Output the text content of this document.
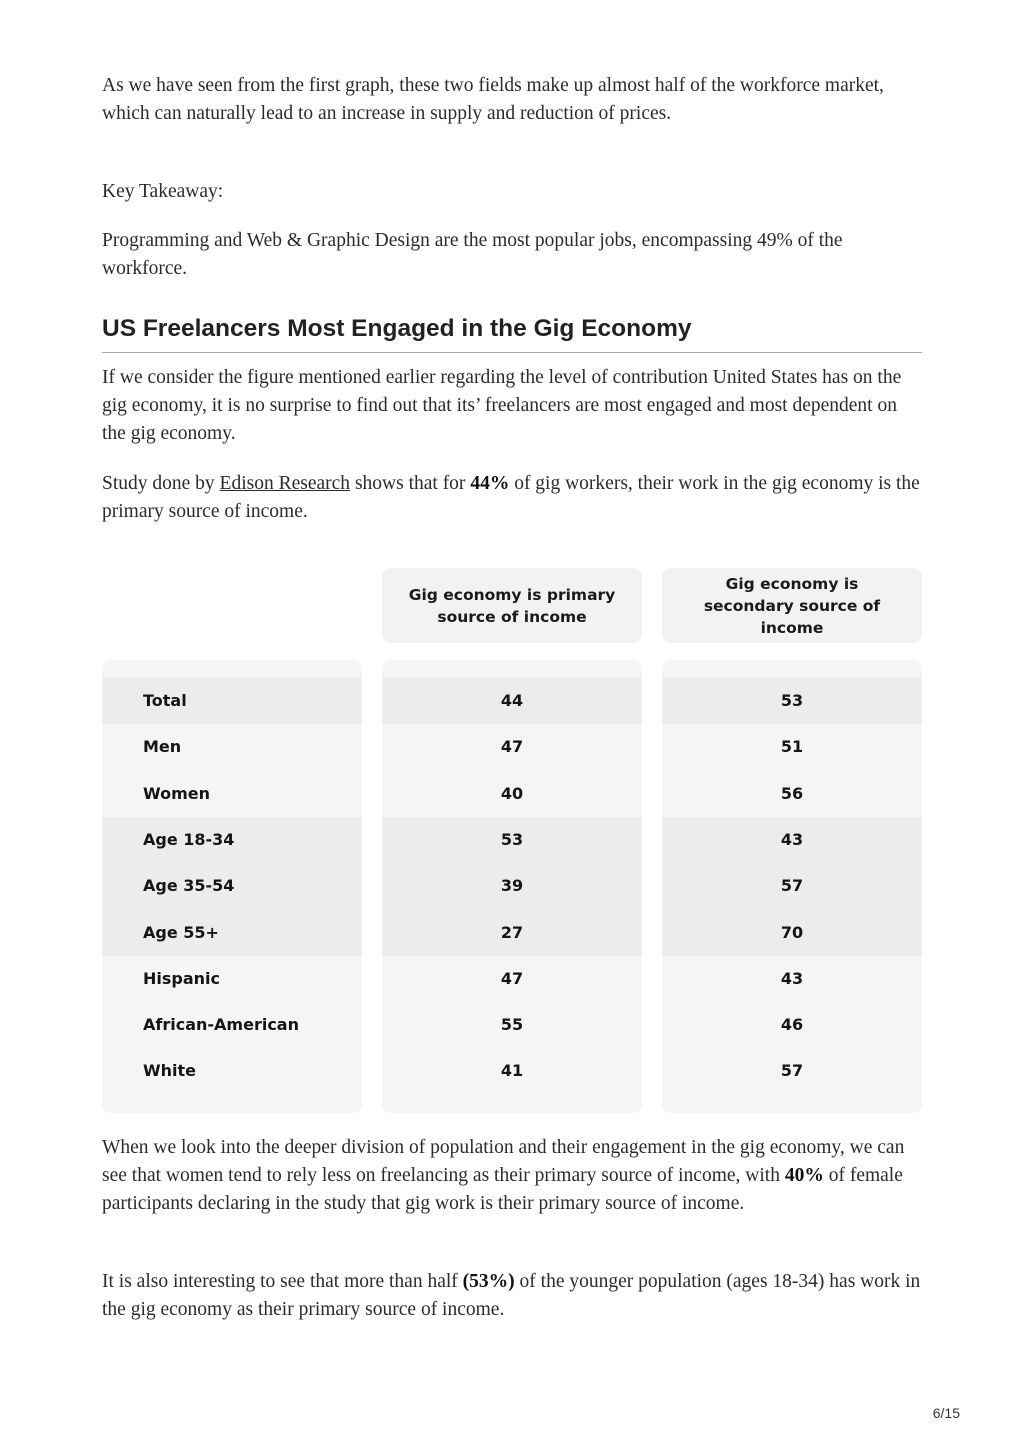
As we have seen from the first graph, these two fields make up almost half of the workforce market, which can naturally lead to an increase in supply and reduction of prices.

Key Takeaway:

Programming and Web & Graphic Design are the most popular jobs, encompassing 49% of the workforce.

US Freelancers Most Engaged in the Gig Economy

If we consider the figure mentioned earlier regarding the level of contribution United States has on the gig economy, it is no surprise to find out that its’ freelancers are most engaged and most dependent on the gig economy.

Study done by Edison Research shows that for 44% of gig workers, their work in the gig economy is the primary source of income.

When we look into the deeper division of population and their engagement in the gig economy, we can see that women tend to rely less on freelancing as their primary source of income, with 40% of female participants declaring in the study that gig work is their primary source of income.

It is also interesting to see that more than half (53%) of the younger population (ages 18-34) has work in the gig economy as their primary source of income.

Gig economy is primary source of income
Gig economy is secondary source of income
Total
Men
Women
Age 18-34
Age 35-54
Age 55+
Hispanic
African-American
White
44
47
40
53
39
27
47
55
41
53
51
56
43
57
70
43
46
57
6/15
